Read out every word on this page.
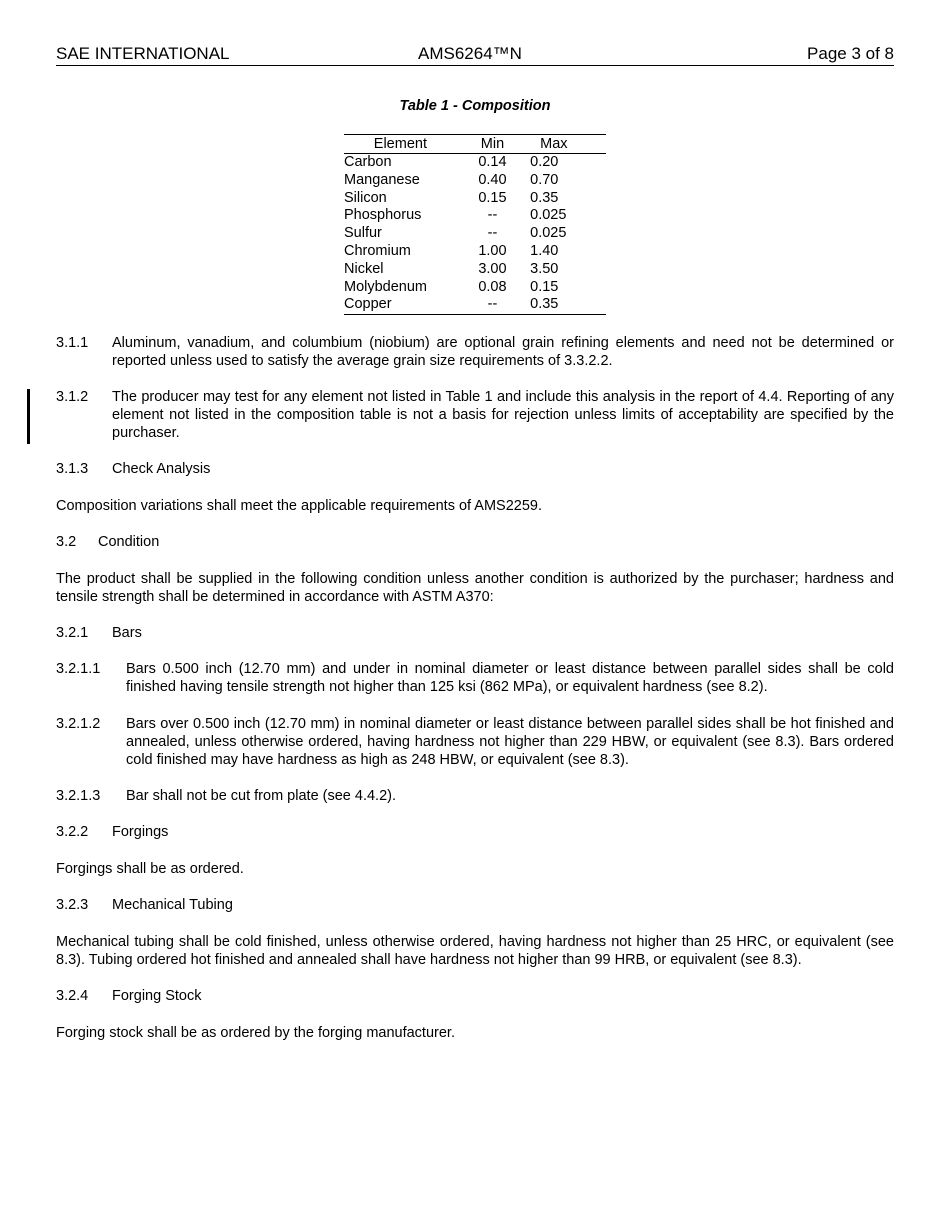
SAE INTERNATIONAL	AMS6264™N	Page 3 of 8
Table 1 - Composition
Element	Min	Max
Carbon	0.14	0.20
Manganese	0.40	0.70
Silicon	0.15	0.35
Phosphorus	--	0.025
Sulfur	--	0.025
Chromium	1.00	1.40
Nickel	3.00	3.50
Molybdenum	0.08	0.15
Copper	--	0.35
3.1.1 Aluminum, vanadium, and columbium (niobium) are optional grain refining elements and need not be determined or reported unless used to satisfy the average grain size requirements of 3.3.2.2.
3.1.2 The producer may test for any element not listed in Table 1 and include this analysis in the report of 4.4. Reporting of any element not listed in the composition table is not a basis for rejection unless limits of acceptability are specified by the purchaser.
3.1.3 Check Analysis
Composition variations shall meet the applicable requirements of AMS2259.
3.2 Condition
The product shall be supplied in the following condition unless another condition is authorized by the purchaser; hardness and tensile strength shall be determined in accordance with ASTM A370:
3.2.1 Bars
3.2.1.1 Bars 0.500 inch (12.70 mm) and under in nominal diameter or least distance between parallel sides shall be cold finished having tensile strength not higher than 125 ksi (862 MPa), or equivalent hardness (see 8.2).
3.2.1.2 Bars over 0.500 inch (12.70 mm) in nominal diameter or least distance between parallel sides shall be hot finished and annealed, unless otherwise ordered, having hardness not higher than 229 HBW, or equivalent (see 8.3). Bars ordered cold finished may have hardness as high as 248 HBW, or equivalent (see 8.3).
3.2.1.3 Bar shall not be cut from plate (see 4.4.2).
3.2.2 Forgings
Forgings shall be as ordered.
3.2.3 Mechanical Tubing
Mechanical tubing shall be cold finished, unless otherwise ordered, having hardness not higher than 25 HRC, or equivalent (see 8.3). Tubing ordered hot finished and annealed shall have hardness not higher than 99 HRB, or equivalent (see 8.3).
3.2.4 Forging Stock
Forging stock shall be as ordered by the forging manufacturer.
